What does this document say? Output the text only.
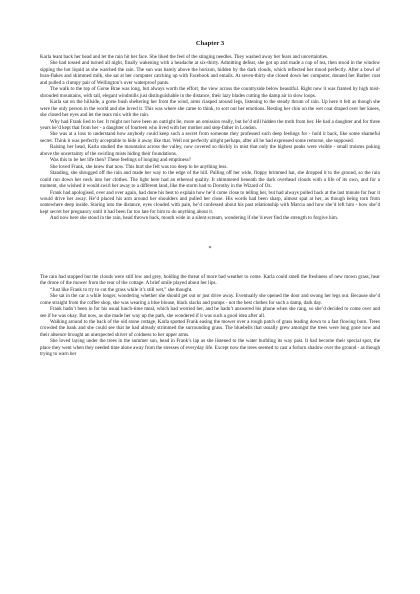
Chapter 3

Karla leant back her head and let the rain hit her face. She liked the feel of the stinging needles. They washed away her fears and uncertainties.

She had tossed and turned all night, finally wakening with a headache at six-thirty. Admitting defeat, she got up and made a cup of tea, then stood in the window sipping the hot liquid as she watched the rain. The sun was barely above the horizon, hidden by the dark clouds, which reflected her mood perfectly. After a bowl of bran-flakes and skimmed milk, she sat at her computer catching up with Facebook and emails. At seven-thirty she closed down her computer, donned her Barber coat and pulled a clumpy pair of Wellington’s over waterproof pants.

The walk to the top of Gorse Brae was long, but always worth the effort, the view across the countryside below beautiful. Right now it was framed by high mist-shrouded mountains, with tall, elegant windmills just distinguishable in the distance, their lazy blades cutting the damp air in slow loops.

Karla sat on the hillside, a gorse bush sheltering her from the wind, arms clasped around legs, listening to the steady thrum of rain. Up here it felt as though she were the only person in the world and she loved it. This was where she came to think, to sort out her emotions. Resting her chin on the wet coat draped over her knees, she closed her eyes and let the tears mix with the rain.

Why had Frank lied to her. It might not have been an outright lie, more an omission really, but he’d still hidden the truth from her. He had a daughter and for three years he’d kept that from her - a daughter of fourteen who lived with her mother and step-father in London.

She was at a loss to understand how anybody could keep such a secret from someone they professed such deep feelings for - hold it back, like some shameful secret. Think it was perfectly acceptable to hide it away like that. Well not perfectly alright perhaps, after all he had expressed some remorse, she supposed.

Raising her head, Karla studied the mountains across the valley, now covered so thickly in mist that only the highest peaks were visible - small truisms poking above the uncertainty of the swirling mists hiding their foundations.

Was this to be her life then? These feelings of longing and emptiness?

She loved Frank, she knew that now. This hurt she felt was too deep to be anything less.

Standing, she shrugged off the rain and made her way to the edge of the hill. Pulling off her wide, floppy brimmed hat, she dropped it to the ground, so the rain could run down her neck into her clothes. The light here had an ethereal quality. It shimmered beneath the dark overhead clouds with a life of its own, and for a moment, she wished it would swirl her away to a different land, like the storm had to Dorothy in the Wizard of Oz.

Frank had apologised, over and over again, had done his best to explain how he’d come close to telling her, but had always pulled back at the last minute for fear it would drive her away. He’d placed his arm around her shoulders and pulled her close. His words had been sharp, almost spat at her, as though being torn from somewhere deep inside. Staring into the distance, eyes clouded with pain, he’d confessed about his past relationship with Marcia and how she’d left him - how she’d kept secret her pregnancy until it had been far too late for him to do anything about it.

And now here she stood in the rain, head thrown back, mouth wide in a silent scream, wondering if she’d ever find the strength to forgive him.

*

The rain had stopped but the clouds were still low and grey, holding the threat of more bad weather to come. Karla could smell the freshness of new mown grass, hear the drone of the mower from the rear of the cottage. A brief smile played about her lips.

“Just like Frank to try to cut the grass while it’s still wet,” she thought.

She sat in the car a while longer, wondering whether she should get out or just drive away. Eventually she opened the door and swung her legs out. Because she’d come straight from the coffee shop, she was wearing a blue blouse, black slacks and pumps - not the best clothes for such a damp, dark day.

Frank hadn’t been in for his usual lunch-time meal, which had worried her, and he hadn’t answered his phone when she rang, so she’d decided to come over and see if he was okay. But now, as she made her way up the path, she wondered if it was such a good idea after all.

Walking around to the back of the old stone cottage, Karla spotted Frank easing the mower over a rough patch of grass leading down to a fast flowing burn. Trees crowded the bank and she could see that he had already strimmed the surrounding grass. The bluebells that usually grew amongst the trees were long gone now and their absence brought an unexpected shiver of coldness to her upper arms.

She loved laying under the trees in the summer sun, head in Frank’s lap as she listened to the water burbling its way past. It had become their special spot, the place they went when they needed time alone away from the stresses of everyday life. Except now the trees seemed to cast a forlorn shadow over the ground - as though trying to warn her
